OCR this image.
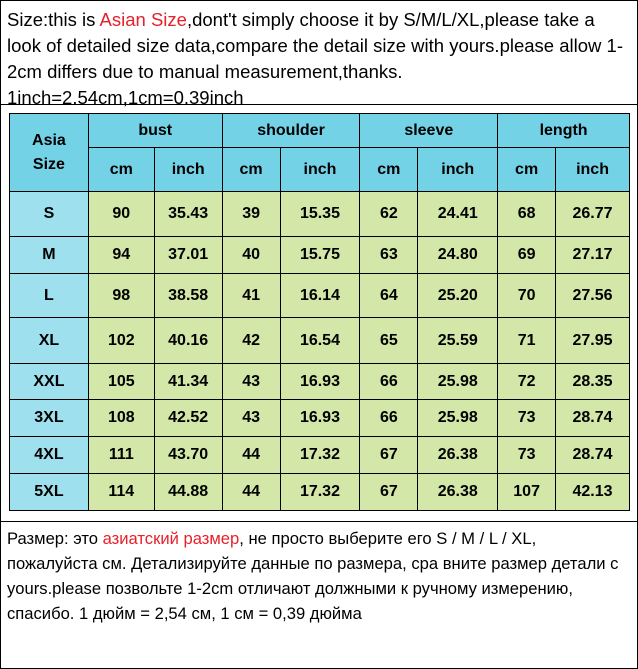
Size:this is Asian Size,dont't simply choose it by S/M/L/XL,please take a look of detailed size data,compare the detail size with yours.please allow 1-2cm differs due to manual measurement,thanks. 1inch=2.54cm,1cm=0.39inch
Asia
Size	bust		shoulder		sleeve		length	
	cm	inch	cm	inch	cm	inch	cm	inch
S	90	35.43	39	15.35	62	24.41	68	26.77
M	94	37.01	40	15.75	63	24.80	69	27.17
L	98	38.58	41	16.14	64	25.20	70	27.56
XL	102	40.16	42	16.54	65	25.59	71	27.95
XXL	105	41.34	43	16.93	66	25.98	72	28.35
3XL	108	42.52	43	16.93	66	25.98	73	28.74
4XL	111	43.70	44	17.32	67	26.38	73	28.74
5XL	114	44.88	44	17.32	67	26.38	107	42.13
Размер: это азиатский размер, не просто выберите его S / M / L / XL, пожалуйста см. Детализируйте данные по размера, сра вните размер детали с yours.please позвольте 1-2cm отличают должными к ручному измерению, спасибо. 1 дюйм = 2,54 см, 1 см = 0,39 дюйма
